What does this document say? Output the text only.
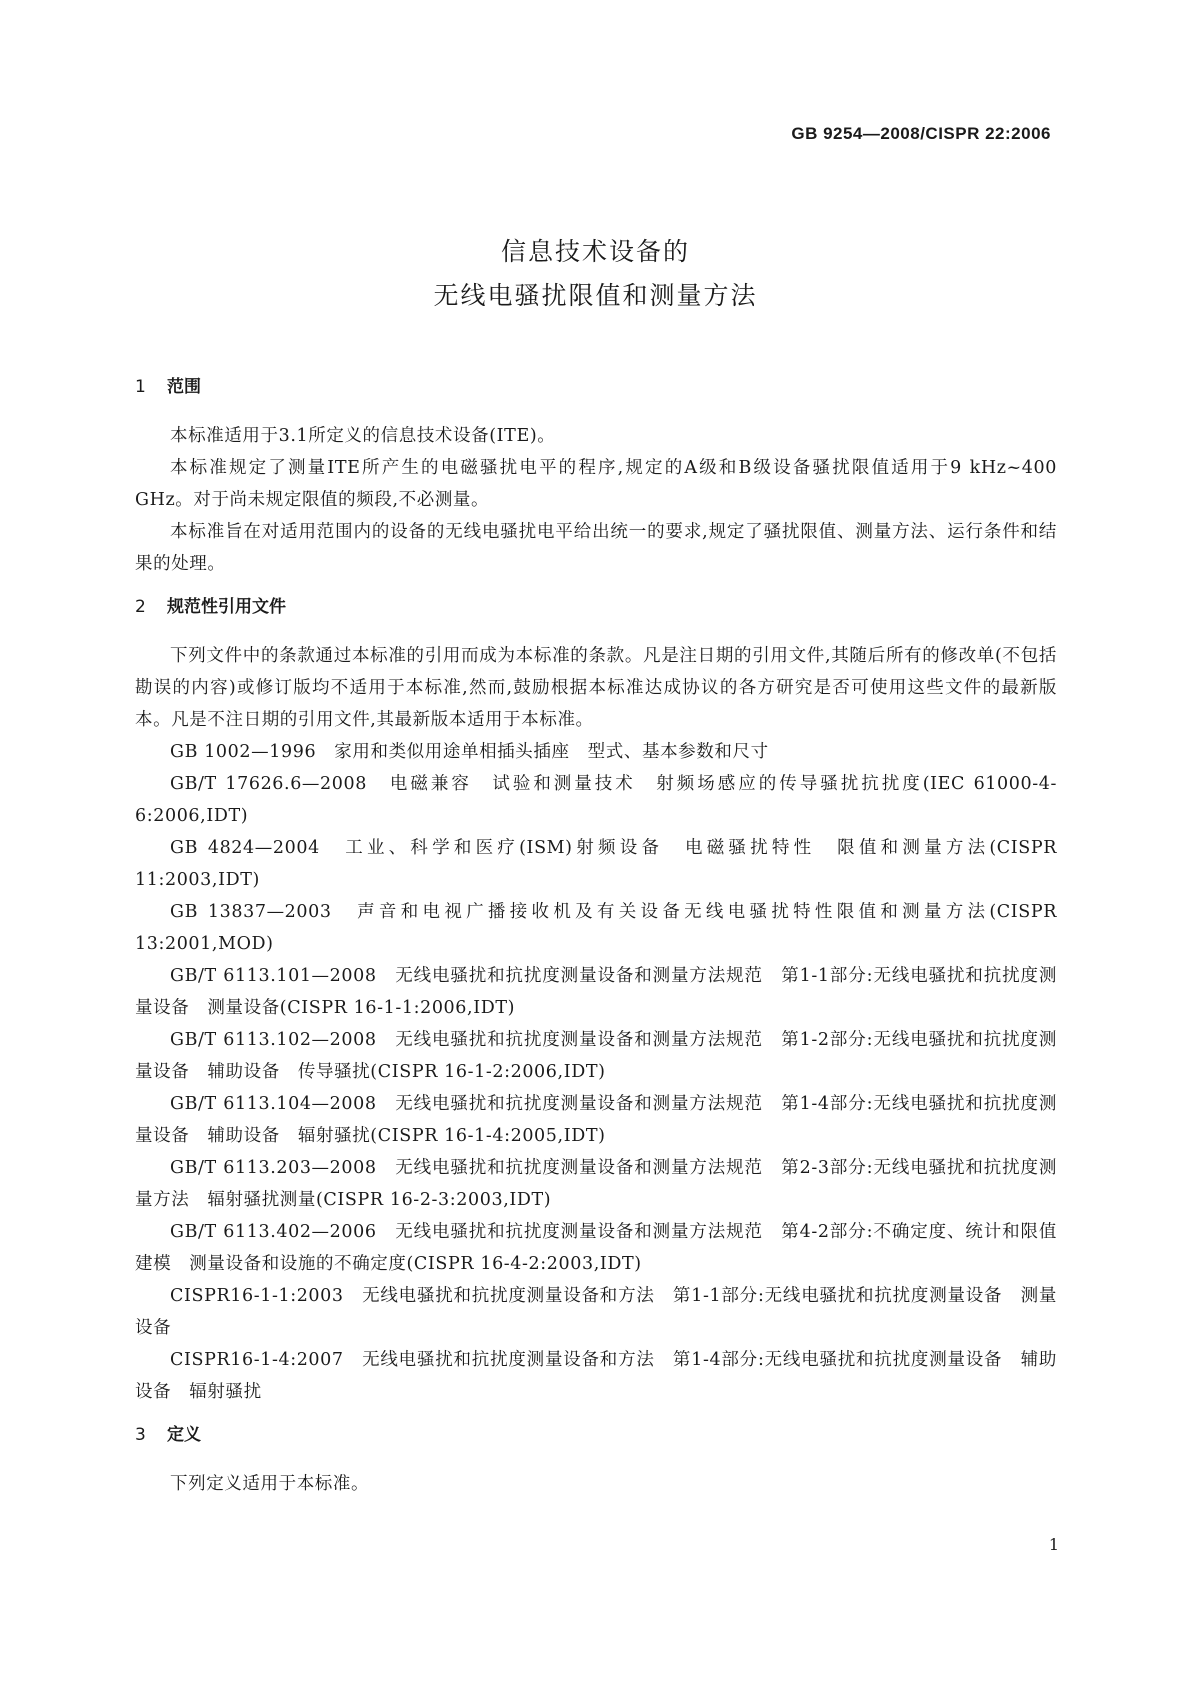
GB 9254—2008/CISPR 22:2006
信息技术设备的
无线电骚扰限值和测量方法
1 范围

本标准适用于3.1所定义的信息技术设备(ITE)。

本标准规定了测量ITE所产生的电磁骚扰电平的程序,规定的A级和B级设备骚扰限值适用于9 kHz~400 GHz。对于尚未规定限值的频段,不必测量。

本标准旨在对适用范围内的设备的无线电骚扰电平给出统一的要求,规定了骚扰限值、测量方法、运行条件和结果的处理。

2 规范性引用文件

下列文件中的条款通过本标准的引用而成为本标准的条款。凡是注日期的引用文件,其随后所有的修改单(不包括勘误的内容)或修订版均不适用于本标准,然而,鼓励根据本标准达成协议的各方研究是否可使用这些文件的最新版本。凡是不注日期的引用文件,其最新版本适用于本标准。

GB 1002—1996　家用和类似用途单相插头插座　型式、基本参数和尺寸

GB/T 17626.6—2008　电磁兼容　试验和测量技术　射频场感应的传导骚扰抗扰度(IEC 61000-4-6:2006,IDT)

GB 4824—2004　工业、科学和医疗(ISM)射频设备　电磁骚扰特性　限值和测量方法(CISPR 11:2003,IDT)

GB 13837—2003　声音和电视广播接收机及有关设备无线电骚扰特性限值和测量方法(CISPR 13:2001,MOD)

GB/T 6113.101—2008　无线电骚扰和抗扰度测量设备和测量方法规范　第1-1部分:无线电骚扰和抗扰度测量设备　测量设备(CISPR 16-1-1:2006,IDT)

GB/T 6113.102—2008　无线电骚扰和抗扰度测量设备和测量方法规范　第1-2部分:无线电骚扰和抗扰度测量设备　辅助设备　传导骚扰(CISPR 16-1-2:2006,IDT)

GB/T 6113.104—2008　无线电骚扰和抗扰度测量设备和测量方法规范　第1-4部分:无线电骚扰和抗扰度测量设备　辅助设备　辐射骚扰(CISPR 16-1-4:2005,IDT)

GB/T 6113.203—2008　无线电骚扰和抗扰度测量设备和测量方法规范　第2-3部分:无线电骚扰和抗扰度测量方法　辐射骚扰测量(CISPR 16-2-3:2003,IDT)

GB/T 6113.402—2006　无线电骚扰和抗扰度测量设备和测量方法规范　第4-2部分:不确定度、统计和限值建模　测量设备和设施的不确定度(CISPR 16-4-2:2003,IDT)

CISPR16-1-1:2003　无线电骚扰和抗扰度测量设备和方法　第1-1部分:无线电骚扰和抗扰度测量设备　测量设备

CISPR16-1-4:2007　无线电骚扰和抗扰度测量设备和方法　第1-4部分:无线电骚扰和抗扰度测量设备　辅助设备　辐射骚扰

3 定义

下列定义适用于本标准。

1
